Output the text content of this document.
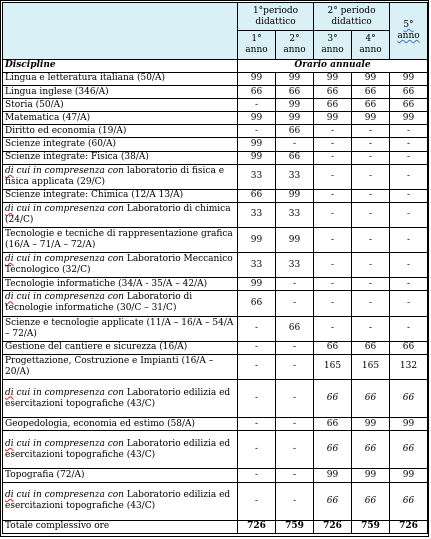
	1°periodo didattico		2° periodo didattico		5° anno
	1° anno	2° anno	3° anno	4° anno	
Discipline	Orario annuale				
Lingua e letteratura italiana (50/A)	99	99	99	99	99
Lingua inglese (346/A)	66	66	66	66	66
Storia (50/A)	-	99	66	66	66
Matematica (47/A)	99	99	99	99	99
Diritto ed economia (19/A)	-	66	-	-	-
Scienze integrate (60/A)	99	-	-	-	-
Scienze integrate: Fisica (38/A)	99	66	-	-	-
di cui in compresenza con laboratorio di fisica e fisica applicata (29/C)	33	33	-	-	-
Scienze integrate: Chimica (12/A 13/A)	66	99	-	-	-
di cui in compresenza con Laboratorio di chimica (24/C)	33	33	-	-	-
Tecnologie e tecniche di rappresentazione grafica (16/A – 71/A – 72/A)	99	99	-	-	-
di cui in compresenza con Laboratorio Meccanico Tecnologico (32/C)	33	33	-	-	-
Tecnologie informatiche (34/A - 35/A – 42/A)	99	-	-	-	-
di cui in compresenza con Laboratorio di tecnologie informatiche (30/C – 31/C)	66	-	-	-	-
Scienze e tecnologie applicate (11/A – 16/A – 54/A – 72/A)	-	66	-	-	-
Gestione del cantiere e sicurezza (16/A)	-	-	66	66	66
Progettazione, Costruzione e Impianti (16/A – 20/A)	-	-	165	165	132
di cui in compresenza con Laboratorio edilizia ed esercitazioni topografiche (43/C)	-	-	66	66	66
Geopedologia, economia ed estimo (58/A)	-	-	66	99	99
di cui in compresenza con Laboratorio edilizia ed esercitazioni topografiche (43/C)	-	-	66	66	66
Topografia (72/A)	-	-	99	99	99
di cui in compresenza con Laboratorio edilizia ed esercitazioni topografiche (43/C)	-	-	66	66	66
Totale complessivo ore	726	759	726	759	726
